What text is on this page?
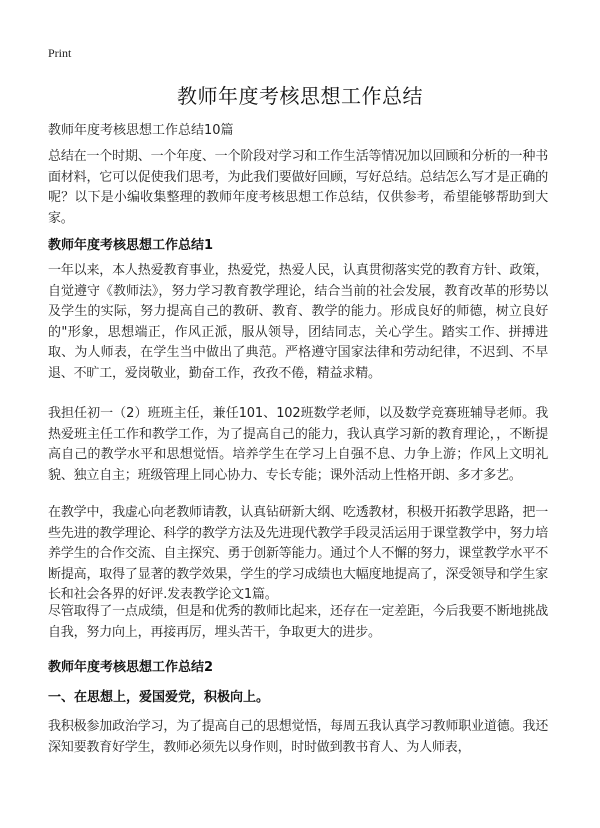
Print
教师年度考核思想工作总结
教师年度考核思想工作总结10篇

总结在一个时期、一个年度、一个阶段对学习和工作生活等情况加以回顾和分析的一种书面材料，它可以促使我们思考，为此我们要做好回顾，写好总结。总结怎么写才是正确的呢？以下是小编收集整理的教师年度考核思想工作总结，仅供参考，希望能够帮助到大家。

教师年度考核思想工作总结1

一年以来，本人热爱教育事业，热爱党，热爱人民，认真贯彻落实党的教育方针、政策，自觉遵守《教师法》，努力学习教育教学理论，结合当前的社会发展，教育改革的形势以及学生的实际，努力提高自己的教研、教育、教学的能力。形成良好的师德，树立良好的"形象，思想端正，作风正派，服从领导，团结同志，关心学生。踏实工作、拼搏进取、为人师表，在学生当中做出了典范。严格遵守国家法律和劳动纪律，不迟到、不早退、不旷工，爱岗敬业，勤奋工作，孜孜不倦，精益求精。

我担任初一（2）班班主任，兼任101、102班数学老师，以及数学竞赛班辅导老师。我热爱班主任工作和教学工作，为了提高自己的能力，我认真学习新的教育理论，，不断提高自己的教学水平和思想觉悟。培养学生在学习上自强不息、力争上游；作风上文明礼貌、独立自主；班级管理上同心协力、专长专能；课外活动上性格开朗、多才多艺。

在教学中，我虚心向老教师请教，认真钻研新大纲、吃透教材，积极开拓教学思路，把一些先进的教学理论、科学的教学方法及先进现代教学手段灵活运用于课堂教学中，努力培养学生的合作交流、自主探究、勇于创新等能力。通过个人不懈的努力，课堂教学水平不断提高，取得了显著的教学效果，学生的学习成绩也大幅度地提高了，深受领导和学生家长和社会各界的好评.发表教学论文1篇。

尽管取得了一点成绩，但是和优秀的教师比起来，还存在一定差距，今后我要不断地挑战自我，努力向上，再接再厉，埋头苦干，争取更大的进步。

教师年度考核思想工作总结2
一、在思想上，爱国爱党，积极向上。

我积极参加政治学习，为了提高自己的思想觉悟，每周五我认真学习教师职业道德。我还深知要教育好学生，教师必须先以身作则，时时做到教书育人、为人师表，
